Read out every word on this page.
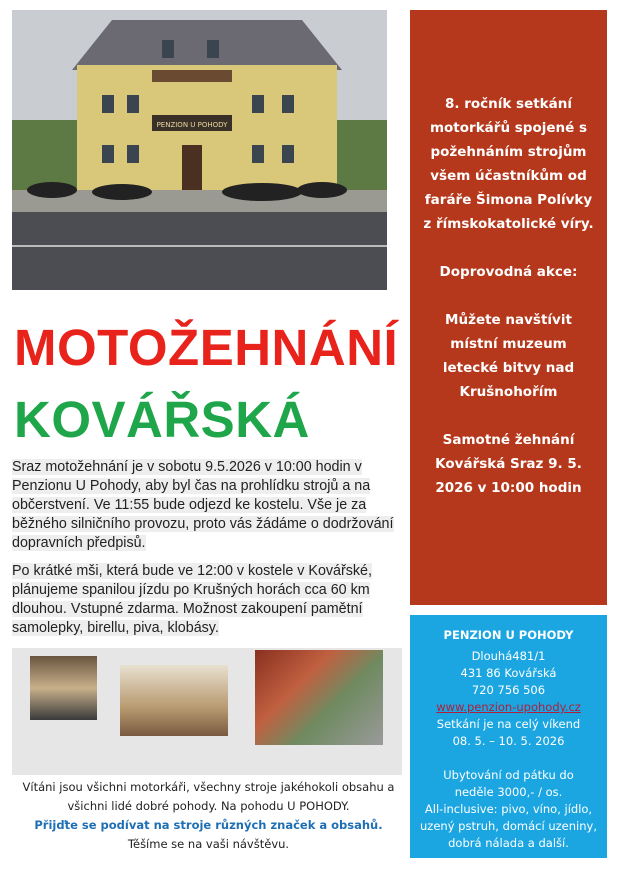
PENZION U POHODY
MOTOŽEHNÁNÍ
KOVÁŘSKÁ
Sraz motožehnání je v sobotu 9.5.2026 v 10:00 hodin v Penzionu U Pohody, aby byl čas na prohlídku strojů a na občerstvení. Ve 11:55 bude odjezd ke kostelu. Vše je za běžného silničního provozu, proto vás žádáme o dodržování dopravních předpisů.
Po krátké mši, která bude ve 12:00 v kostele v Kovářské, plánujeme spanilou jízdu po Krušných horách cca 60 km dlouhou. Vstupné zdarma. Možnost zakoupení pamětní samolepky, birellu, piva, klobásy.
Vítáni jsou všichni motorkáři, všechny stroje jakéhokoli obsahu a všichni lidé dobré pohody. Na pohodu U POHODY.
Přijďte se podívat na stroje různých značek a obsahů.
Těšíme se na vaši návštěvu.

8. ročník setkání motorkářů spojené s požehnáním strojům všem účastníkům od faráře Šimona Polívky z římskokatolické víry.

Doprovodná akce:

Můžete navštívit místní muzeum letecké bitvy nad Krušnohořím

Samotné žehnání Kovářská Sraz 9. 5. 2026 v 10:00 hodin

PENZION U POHODY
Dlouhá481/1
431 86 Kovářská
720 756 506
www.penzion-upohody.cz
Setkání je na celý víkend
08. 5. – 10. 5. 2026
Ubytování od pátku do neděle 3000,- / os.
All-inclusive: pivo, víno, jídlo, uzený pstruh, domácí uzeniny, dobrá nálada a další.
